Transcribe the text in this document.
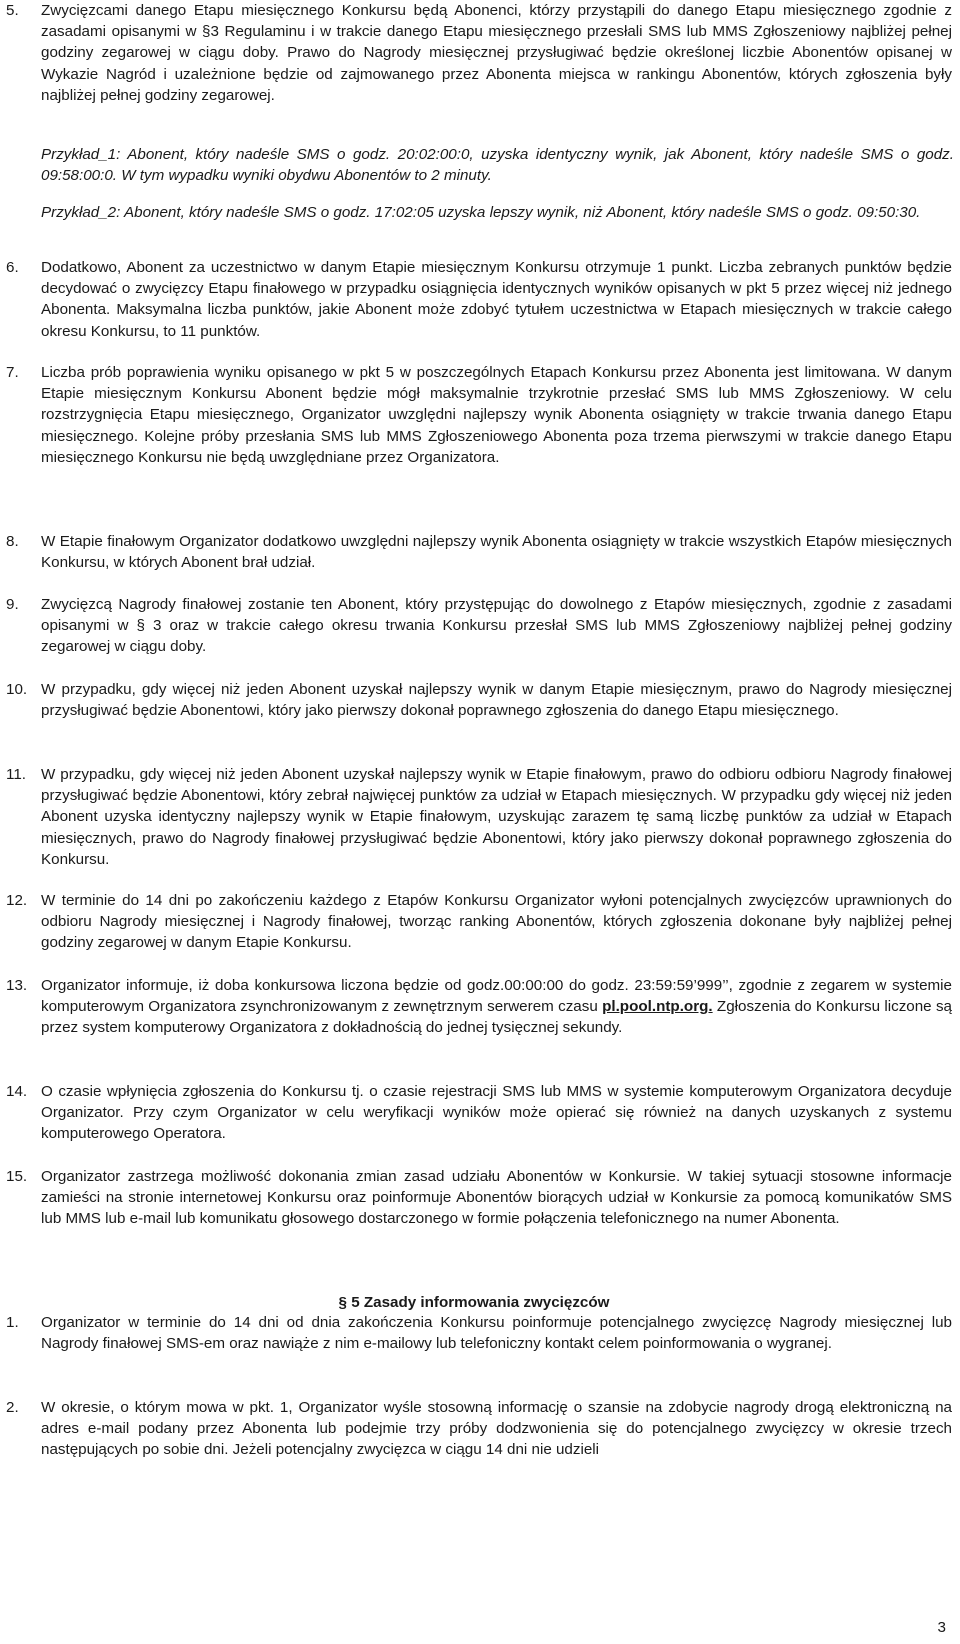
5. Zwycięzcami danego Etapu miesięcznego Konkursu będą Abonenci, którzy przystąpili do danego Etapu miesięcznego zgodnie z zasadami opisanymi w §3 Regulaminu i w trakcie danego Etapu miesięcznego przesłali SMS lub MMS Zgłoszeniowy najbliżej pełnej godziny zegarowej w ciągu doby. Prawo do Nagrody miesięcznej przysługiwać będzie określonej liczbie Abonentów opisanej w Wykazie Nagród i uzależnione będzie od zajmowanego przez Abonenta miejsca w rankingu Abonentów, których zgłoszenia były najbliżej pełnej godziny zegarowej.

Przykład_1: Abonent, który nadeśle SMS o godz. 20:02:00:0, uzyska identyczny wynik, jak Abonent, który nadeśle SMS o godz. 09:58:00:0. W tym wypadku wyniki obydwu Abonentów to 2 minuty.
Przykład_2: Abonent, który nadeśle SMS o godz. 17:02:05 uzyska lepszy wynik, niż Abonent, który nadeśle SMS o godz. 09:50:30.
6. Dodatkowo, Abonent za uczestnictwo w danym Etapie miesięcznym Konkursu otrzymuje 1 punkt. Liczba zebranych punktów będzie decydować o zwycięzcy Etapu finałowego w przypadku osiągnięcia identycznych wyników opisanych w pkt 5 przez więcej niż jednego Abonenta. Maksymalna liczba punktów, jakie Abonent może zdobyć tytułem uczestnictwa w Etapach miesięcznych w trakcie całego okresu Konkursu, to 11 punktów.

7. Liczba prób poprawienia wyniku opisanego w pkt 5 w poszczególnych Etapach Konkursu przez Abonenta jest limitowana. W danym Etapie miesięcznym Konkursu Abonent będzie mógł maksymalnie trzykrotnie przesłać SMS lub MMS Zgłoszeniowy. W celu rozstrzygnięcia Etapu miesięcznego, Organizator uwzględni najlepszy wynik Abonenta osiągnięty w trakcie trwania danego Etapu miesięcznego. Kolejne próby przesłania SMS lub MMS Zgłoszeniowego Abonenta poza trzema pierwszymi w trakcie danego Etapu miesięcznego Konkursu nie będą uwzględniane przez Organizatora.

8. W Etapie finałowym Organizator dodatkowo uwzględni najlepszy wynik Abonenta osiągnięty w trakcie wszystkich Etapów miesięcznych Konkursu, w których Abonent brał udział.

9. Zwycięzcą Nagrody finałowej zostanie ten Abonent, który przystępując do dowolnego z Etapów miesięcznych, zgodnie z zasadami opisanymi w § 3 oraz w trakcie całego okresu trwania Konkursu przesłał SMS lub MMS Zgłoszeniowy najbliżej pełnej godziny zegarowej w ciągu doby.

10. W przypadku, gdy więcej niż jeden Abonent uzyskał najlepszy wynik w danym Etapie miesięcznym, prawo do Nagrody miesięcznej przysługiwać będzie Abonentowi, który jako pierwszy dokonał poprawnego zgłoszenia do danego Etapu miesięcznego.

11. W przypadku, gdy więcej niż jeden Abonent uzyskał najlepszy wynik w Etapie finałowym, prawo do odbioru odbioru Nagrody finałowej przysługiwać będzie Abonentowi, który zebrał najwięcej punktów za udział w Etapach miesięcznych. W przypadku gdy więcej niż jeden Abonent uzyska identyczny najlepszy wynik w Etapie finałowym, uzyskując zarazem tę samą liczbę punktów za udział w Etapach miesięcznych, prawo do Nagrody finałowej przysługiwać będzie Abonentowi, który jako pierwszy dokonał poprawnego zgłoszenia do Konkursu.

12. W terminie do 14 dni po zakończeniu każdego z Etapów Konkursu Organizator wyłoni potencjalnych zwycięzców uprawnionych do odbioru Nagrody miesięcznej i Nagrody finałowej, tworząc ranking Abonentów, których zgłoszenia dokonane były najbliżej pełnej godziny zegarowej w danym Etapie Konkursu.

13. Organizator informuje, iż doba konkursowa liczona będzie od godz.00:00:00 do godz. 23:59:59’999’’, zgodnie z zegarem w systemie komputerowym Organizatora zsynchronizowanym z zewnętrznym serwerem czasu pl.pool.ntp.org. Zgłoszenia do Konkursu liczone są przez system komputerowy Organizatora z dokładnością do jednej tysięcznej sekundy.

14. O czasie wpłynięcia zgłoszenia do Konkursu tj. o czasie rejestracji SMS lub MMS w systemie komputerowym Organizatora decyduje Organizator. Przy czym Organizator w celu weryfikacji wyników może opierać się również na danych uzyskanych z systemu komputerowego Operatora.

15. Organizator zastrzega możliwość dokonania zmian zasad udziału Abonentów w Konkursie. W takiej sytuacji stosowne informacje zamieści na stronie internetowej Konkursu oraz poinformuje Abonentów biorących udział w Konkursie za pomocą komunikatów SMS lub MMS lub e-mail lub komunikatu głosowego dostarczonego w formie połączenia telefonicznego na numer Abonenta.

§ 5 Zasady informowania zwycięzców
1. Organizator w terminie do 14 dni od dnia zakończenia Konkursu poinformuje potencjalnego zwycięzcę Nagrody miesięcznej lub Nagrody finałowej SMS-em oraz nawiąże z nim e-mailowy lub telefoniczny kontakt celem poinformowania o wygranej.

2. W okresie, o którym mowa w pkt. 1, Organizator wyśle stosowną informację o szansie na zdobycie nagrody drogą elektroniczną na adres e-mail podany przez Abonenta lub podejmie trzy próby dodzwonienia się do potencjalnego zwycięzcy w okresie trzech następujących po sobie dni. Jeżeli potencjalny zwycięzca w ciągu 14 dni nie udzieli

3
